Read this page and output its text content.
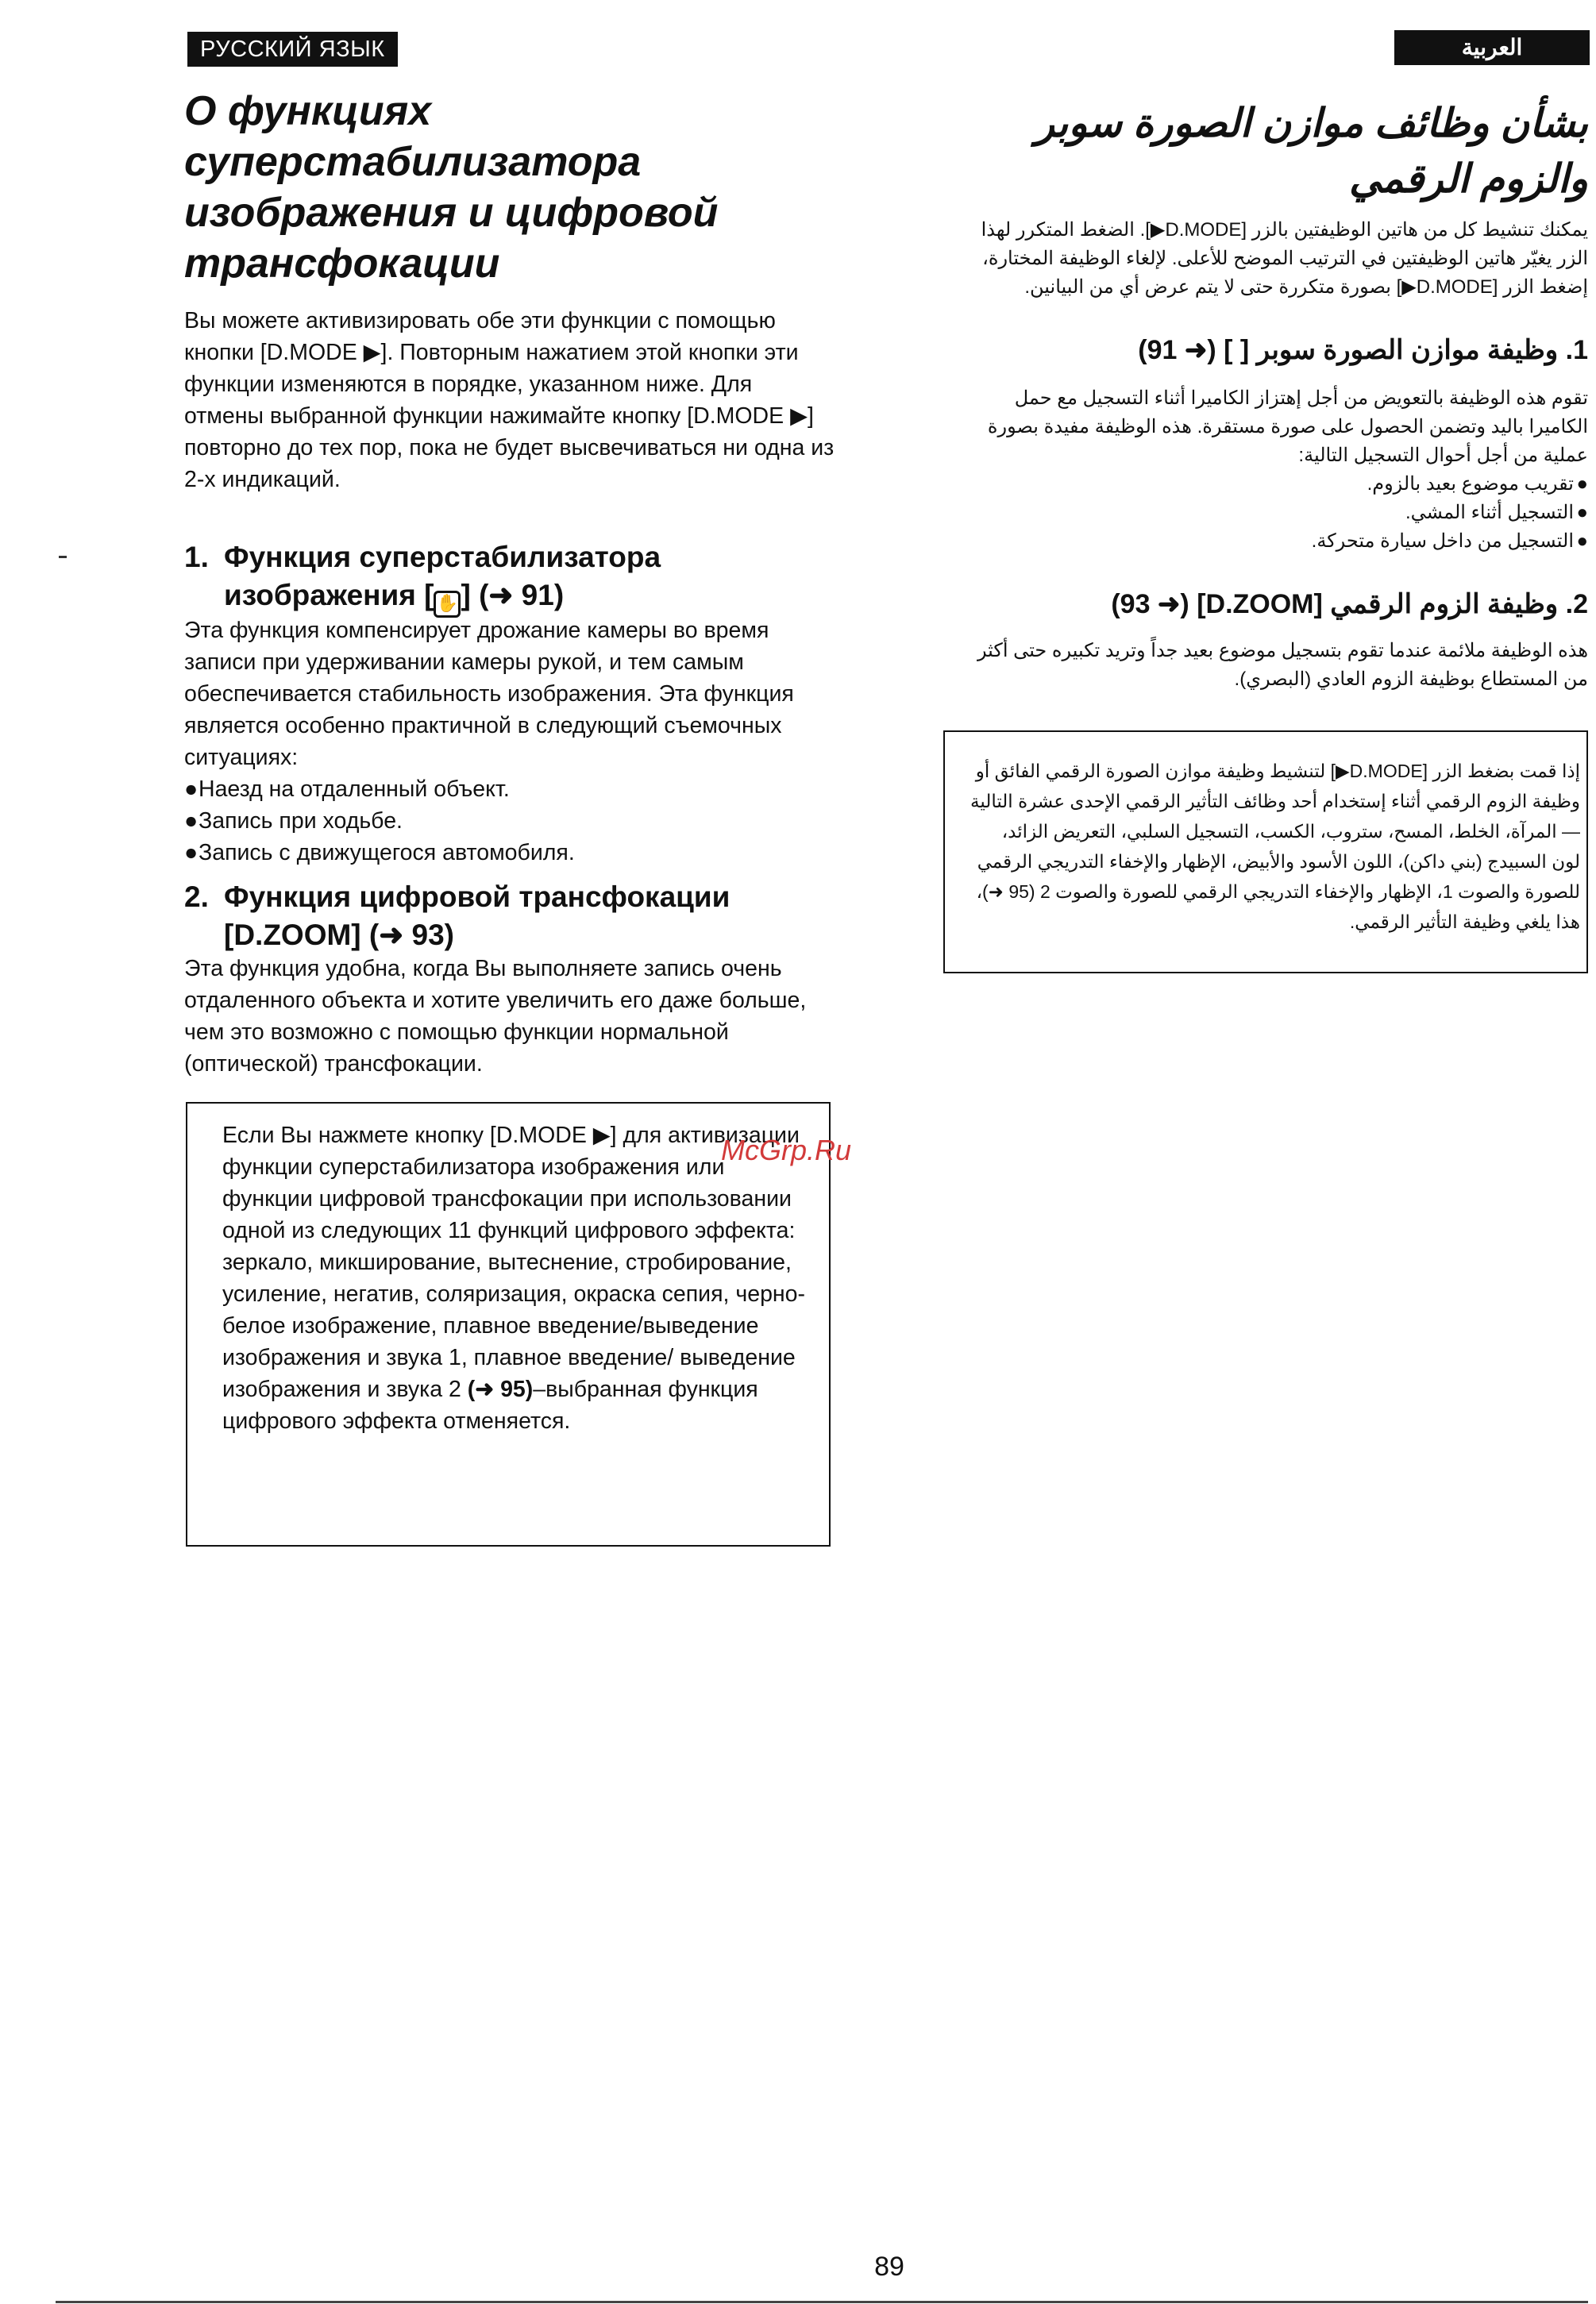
РУССКИЙ ЯЗЫК	العربية
О функциях суперстабилизатора изображения и цифровой трансфокации

Вы можете активизировать обе эти функции с помощью кнопки [D.MODE ▶]. Повторным нажатием этой кнопки эти функции изменяются в порядке, указанном ниже. Для отмены выбранной функции нажимайте кнопку [D.MODE ▶] повторно до тех пор, пока не будет высвечиваться ни одна из 2-х индикаций.

1. Функция суперстабилизатора
изображения [ ✋] (➜ 91)

Эта функция компенсирует дрожание камеры во время записи при удерживании камеры рукой, и тем самым обеспечивается стабильность изображения. Эта функция является особенно практичной в следующий съемочных ситуациях:

●Наезд на отдаленный объект.
●Запись при ходьбе.
●Запись с движущегося автомобиля.
2. Функция цифровой трансфокации
[D.ZOOM] (➜ 93)

Эта функция удобна, когда Вы выполняете запись очень отдаленного объекта и хотите увеличить его даже больше, чем это возможно с помощью функции нормальной (оптической) трансфокации.

Если Вы нажмете кнопку [D.MODE ▶] для активизации функции суперстабилизатора изображения или функции цифровой трансфокации при использовании одной из следующих 11 функций цифрового эффекта: зеркало, микширование, вытеснение, стробирование, усиление, негатив, соляризация, окраска сепия, черно-белое изображение, плавное введение/выведение изображения и звука 1, плавное введение/ выведение изображения и звука 2 (➜ 95)–выбранная функция цифрового эффекта отменяется.
McGrp.Ru
بشأن وظائف موازن الصورة سوبر والزوم الرقمي

يمكنك تنشيط كل من هاتين الوظيفتين بالزر [D.MODE▶]. الضغط المتكرر لهذا الزر يغيّر هاتين الوظيفتين في الترتيب الموضح للأعلى. لإلغاء الوظيفة المختارة، إضغط الزر [D.MODE▶] بصورة متكررة حتى لا يتم عرض أي من البيانين.

1. وظيفة موازن الصورة سوبر [ ] (➜ 91)

تقوم هذه الوظيفة بالتعويض من أجل إهتزاز الكاميرا أثناء التسجيل مع حمل الكاميرا باليد وتضمن الحصول على صورة مستقرة. هذه الوظيفة مفيدة بصورة عملية من أجل أحوال التسجيل التالية:

●تقريب موضوع بعيد بالزوم.
●التسجيل أثناء المشي.
●التسجيل من داخل سيارة متحركة.
2. وظيفة الزوم الرقمي [D.ZOOM] (➜ 93)

هذه الوظيفة ملائمة عندما تقوم بتسجيل موضوع بعيد جداً وتريد تكبيره حتى أكثر من المستطاع بوظيفة الزوم العادي (البصري).

إذا قمت بضغط الزر [D.MODE▶] لتنشيط وظيفة موازن الصورة الرقمي الفائق أو وظيفة الزوم الرقمي أثناء إستخدام أحد وظائف التأثير الرقمي الإحدى عشرة التالية — المرآة، الخلط، المسح، ستروب، الكسب، التسجيل السلبي، التعريض الزائد، لون السبيدج (بني داكن)، اللون الأسود والأبيض، الإظهار والإخفاء التدريجي الرقمي للصورة والصوت 1، الإظهار والإخفاء التدريجي الرقمي للصورة والصوت 2 (95 ➜)، هذا يلغي وظيفة التأثير الرقمي.
89
